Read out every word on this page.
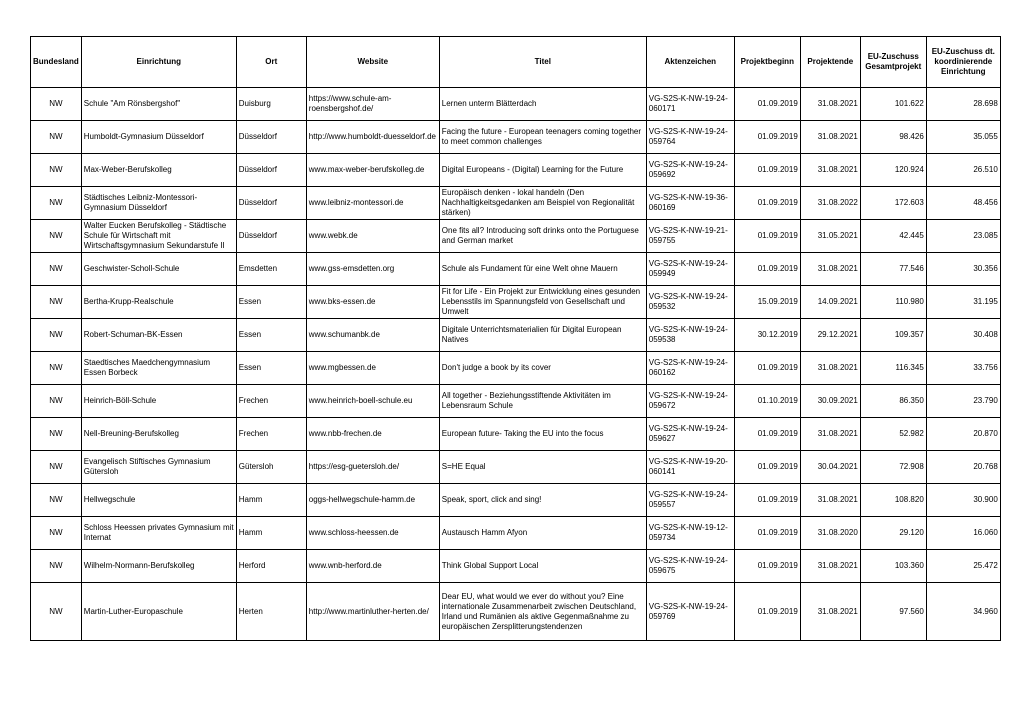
Bundesland	Einrichtung	Ort	Website	Titel	Aktenzeichen	Projektbeginn	Projektende	EU-Zuschuss Gesamtprojekt	EU-Zuschuss dt. koordinierende Einrichtung
NW	Schule "Am Rönsbergshof"	Duisburg	https://www.schule-am-roensbergshof.de/	Lernen unterm Blätterdach	VG-S2S-K-NW-19-24-060171	01.09.2019	31.08.2021	101.622	28.698
NW	Humboldt-Gymnasium Düsseldorf	Düsseldorf	http://www.humboldt-duesseldorf.de	Facing the future - European teenagers coming together to meet common challenges	VG-S2S-K-NW-19-24-059764	01.09.2019	31.08.2021	98.426	35.055
NW	Max-Weber-Berufskolleg	Düsseldorf	www.max-weber-berufskolleg.de	Digital Europeans - (Digital) Learning for the Future	VG-S2S-K-NW-19-24-059692	01.09.2019	31.08.2021	120.924	26.510
NW	Städtisches Leibniz-Montessori-Gymnasium Düsseldorf	Düsseldorf	www.leibniz-montessori.de	Europäisch denken - lokal handeln (Den Nachhaltigkeitsgedanken am Beispiel von Regionalität stärken)	VG-S2S-K-NW-19-36-060169	01.09.2019	31.08.2022	172.603	48.456
NW	Walter Eucken Berufskolleg - Städtische Schule für Wirtschaft mit Wirtschaftsgymnasium Sekundarstufe II	Düsseldorf	www.webk.de	One fits all? Introducing soft drinks onto the Portuguese and German market	VG-S2S-K-NW-19-21-059755	01.09.2019	31.05.2021	42.445	23.085
NW	Geschwister-Scholl-Schule	Emsdetten	www.gss-emsdetten.org	Schule als Fundament für eine Welt ohne Mauern	VG-S2S-K-NW-19-24-059949	01.09.2019	31.08.2021	77.546	30.356
NW	Bertha-Krupp-Realschule	Essen	www.bks-essen.de	Fit for Life - Ein Projekt zur Entwicklung eines gesunden Lebensstils im Spannungsfeld von Gesellschaft und Umwelt	VG-S2S-K-NW-19-24-059532	15.09.2019	14.09.2021	110.980	31.195
NW	Robert-Schuman-BK-Essen	Essen	www.schumanbk.de	Digitale Unterrichtsmaterialien für Digital European Natives	VG-S2S-K-NW-19-24-059538	30.12.2019	29.12.2021	109.357	30.408
NW	Staedtisches Maedchengymnasium Essen Borbeck	Essen	www.mgbessen.de	Don't judge a book by its cover	VG-S2S-K-NW-19-24-060162	01.09.2019	31.08.2021	116.345	33.756
NW	Heinrich-Böll-Schule	Frechen	www.heinrich-boell-schule.eu	All together - Beziehungsstiftende Aktivitäten im Lebensraum Schule	VG-S2S-K-NW-19-24-059672	01.10.2019	30.09.2021	86.350	23.790
NW	Nell-Breuning-Berufskolleg	Frechen	www.nbb-frechen.de	European future- Taking the EU into the focus	VG-S2S-K-NW-19-24-059627	01.09.2019	31.08.2021	52.982	20.870
NW	Evangelisch Stiftisches Gymnasium Gütersloh	Gütersloh	https://esg-guetersloh.de/	S=HE Equal	VG-S2S-K-NW-19-20-060141	01.09.2019	30.04.2021	72.908	20.768
NW	Hellwegschule	Hamm	oggs-hellwegschule-hamm.de	Speak, sport, click and sing!	VG-S2S-K-NW-19-24-059557	01.09.2019	31.08.2021	108.820	30.900
NW	Schloss Heessen privates Gymnasium mit Internat	Hamm	www.schloss-heessen.de	Austausch Hamm Afyon	VG-S2S-K-NW-19-12-059734	01.09.2019	31.08.2020	29.120	16.060
NW	Wilhelm-Normann-Berufskolleg	Herford	www.wnb-herford.de	Think Global Support Local	VG-S2S-K-NW-19-24-059675	01.09.2019	31.08.2021	103.360	25.472
NW	Martin-Luther-Europaschule	Herten	http://www.martinluther-herten.de/	Dear EU, what would we ever do without you? Eine internationale Zusammenarbeit zwischen Deutschland, Irland und Rumänien als aktive Gegenmaßnahme zu europäischen Zersplitterungstendenzen	VG-S2S-K-NW-19-24-059769	01.09.2019	31.08.2021	97.560	34.960
